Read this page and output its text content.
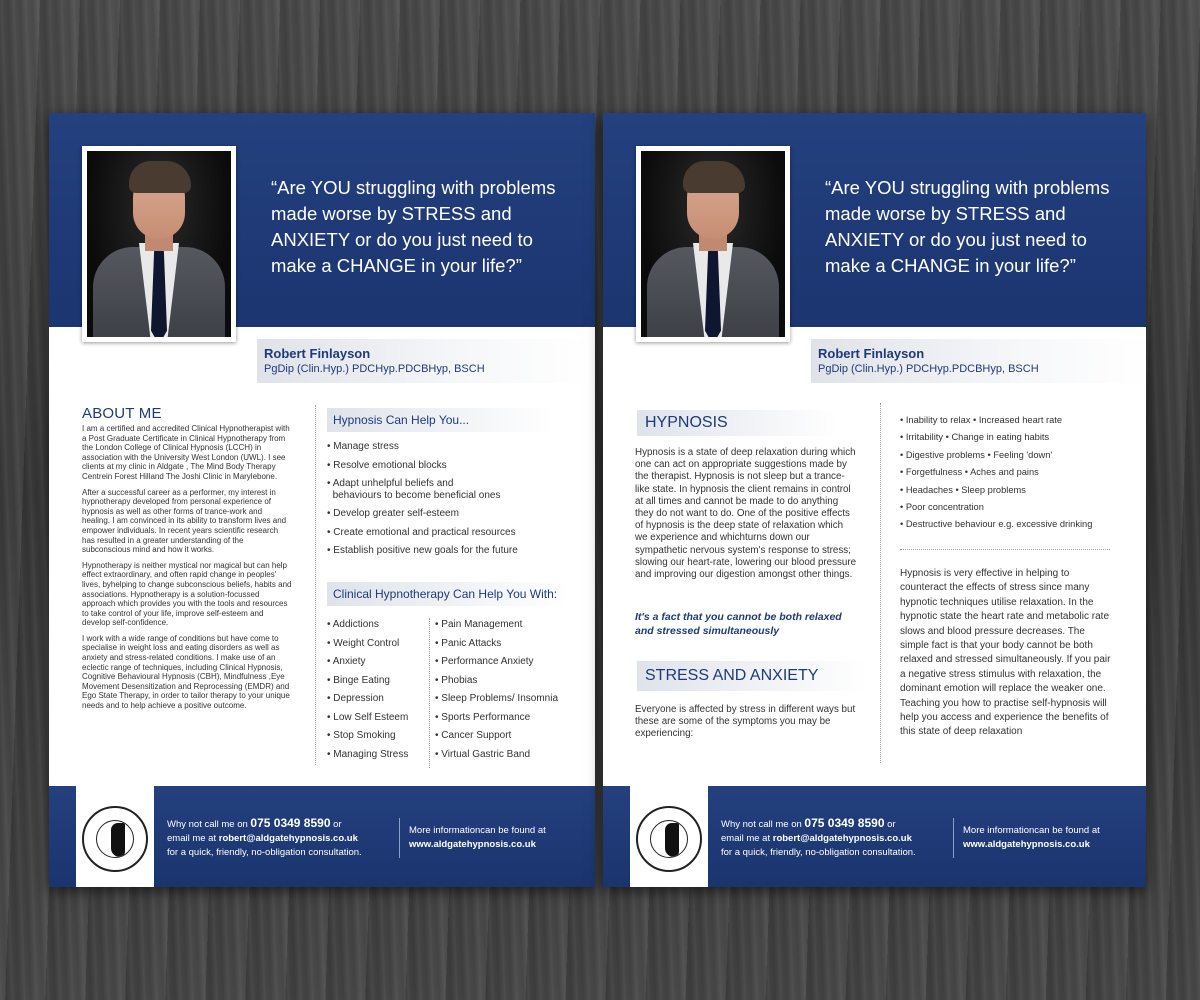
“Are YOU struggling with problems made worse by STRESS and ANXIETY or do you just need to make a CHANGE in your life?”
Robert Finlayson
PgDip (Clin.Hyp.) PDCHyp.PDCBHyp, BSCH
ABOUT ME

I am a certified and accredited Clinical Hypnotherapist with a Post Graduate Certificate in Clinical Hypnotherapy from the London College of Clinical Hypnosis (LCCH) in association with the University West London (UWL). I see clients at my clinic in Aldgate , The Mind Body Therapy Centrein Forest Hilland The Joshi Clinic in Marylebone.

After a successful career as a performer, my interest in hypnotherapy developed from personal experience of hypnosis as well as other forms of trance-work and healing. I am convinced in its ability to transform lives and empower individuals. In recent years scientific research has resulted in a greater understanding of the subconscious mind and how it works.

Hypnotherapy is neither mystical nor magical but can help effect extraordinary, and often rapid change in peoples' lives, byhelping to change subconscious beliefs, habits and associations. Hypnotherapy is a solution-focussed approach which provides you with the tools and resources to take control of your life, improve self-esteem and develop self-confidence.

I work with a wide range of conditions but have come to specialise in weight loss and eating disorders as well as anxiety and stress-related conditions. I make use of an eclectic range of techniques, including Clinical Hypnosis, Cognitive Behavioural Hypnosis (CBH), Mindfulness ,Eye Movement Desensitization and Reprocessing (EMDR) and Ego State Therapy, in order to tailor therapy to your unique needs and to help achieve a positive outcome.

Hypnosis Can Help You...
• Manage stress
• Resolve emotional blocks
• Adapt unhelpful beliefs and
behaviours to become beneficial ones
• Develop greater self-esteem
• Create emotional and practical resources
• Establish positive new goals for the future
Clinical Hypnotherapy Can Help You With:
• Addictions
• Weight Control
• Anxiety
• Binge Eating
• Depression
• Low Self Esteem
• Stop Smoking
• Managing Stress
• Pain Management
• Panic Attacks
• Performance Anxiety
• Phobias
• Sleep Problems/ Insomnia
• Sports Performance
• Cancer Support
• Virtual Gastric Band
Why not call me on 075 0349 8590 or
email me at robert@aldgatehypnosis.co.uk
for a quick, friendly, no-obligation consultation.
More informationcan be found at
www.aldgatehypnosis.co.uk
“Are YOU struggling with problems made worse by STRESS and ANXIETY or do you just need to make a CHANGE in your life?”
Robert Finlayson
PgDip (Clin.Hyp.) PDCHyp.PDCBHyp, BSCH
HYPNOSIS
Hypnosis is a state of deep relaxation during which one can act on appropriate suggestions made by the therapist. Hypnosis is not sleep but a trance-like state. In hypnosis the client remains in control at all times and cannot be made to do anything they do not want to do. One of the positive effects of hypnosis is the deep state of relaxation which we experience and whichturns down our sympathetic nervous system's response to stress; slowing our heart-rate, lowering our blood pressure and improving our digestion amongst other things.
It's a fact that you cannot be both relaxed and stressed simultaneously
STRESS AND ANXIETY
Everyone is affected by stress in different ways but these are some of the symptoms you may be experiencing:
• Inability to relax • Increased heart rate
• Irritability • Change in eating habits
• Digestive problems • Feeling 'down'
• Forgetfulness • Aches and pains
• Headaches • Sleep problems
• Poor concentration
• Destructive behaviour e.g. excessive drinking
Hypnosis is very effective in helping to counteract the effects of stress since many hypnotic techniques utilise relaxation. In the hypnotic state the heart rate and metabolic rate slows and blood pressure decreases. The simple fact is that your body cannot be both relaxed and stressed simultaneously. If you pair a negative stress stimulus with relaxation, the dominant emotion will replace the weaker one. Teaching you how to practise self-hypnosis will help you access and experience the benefits of this state of deep relaxation
Why not call me on 075 0349 8590 or
email me at robert@aldgatehypnosis.co.uk
for a quick, friendly, no-obligation consultation.
More informationcan be found at
www.aldgatehypnosis.co.uk
